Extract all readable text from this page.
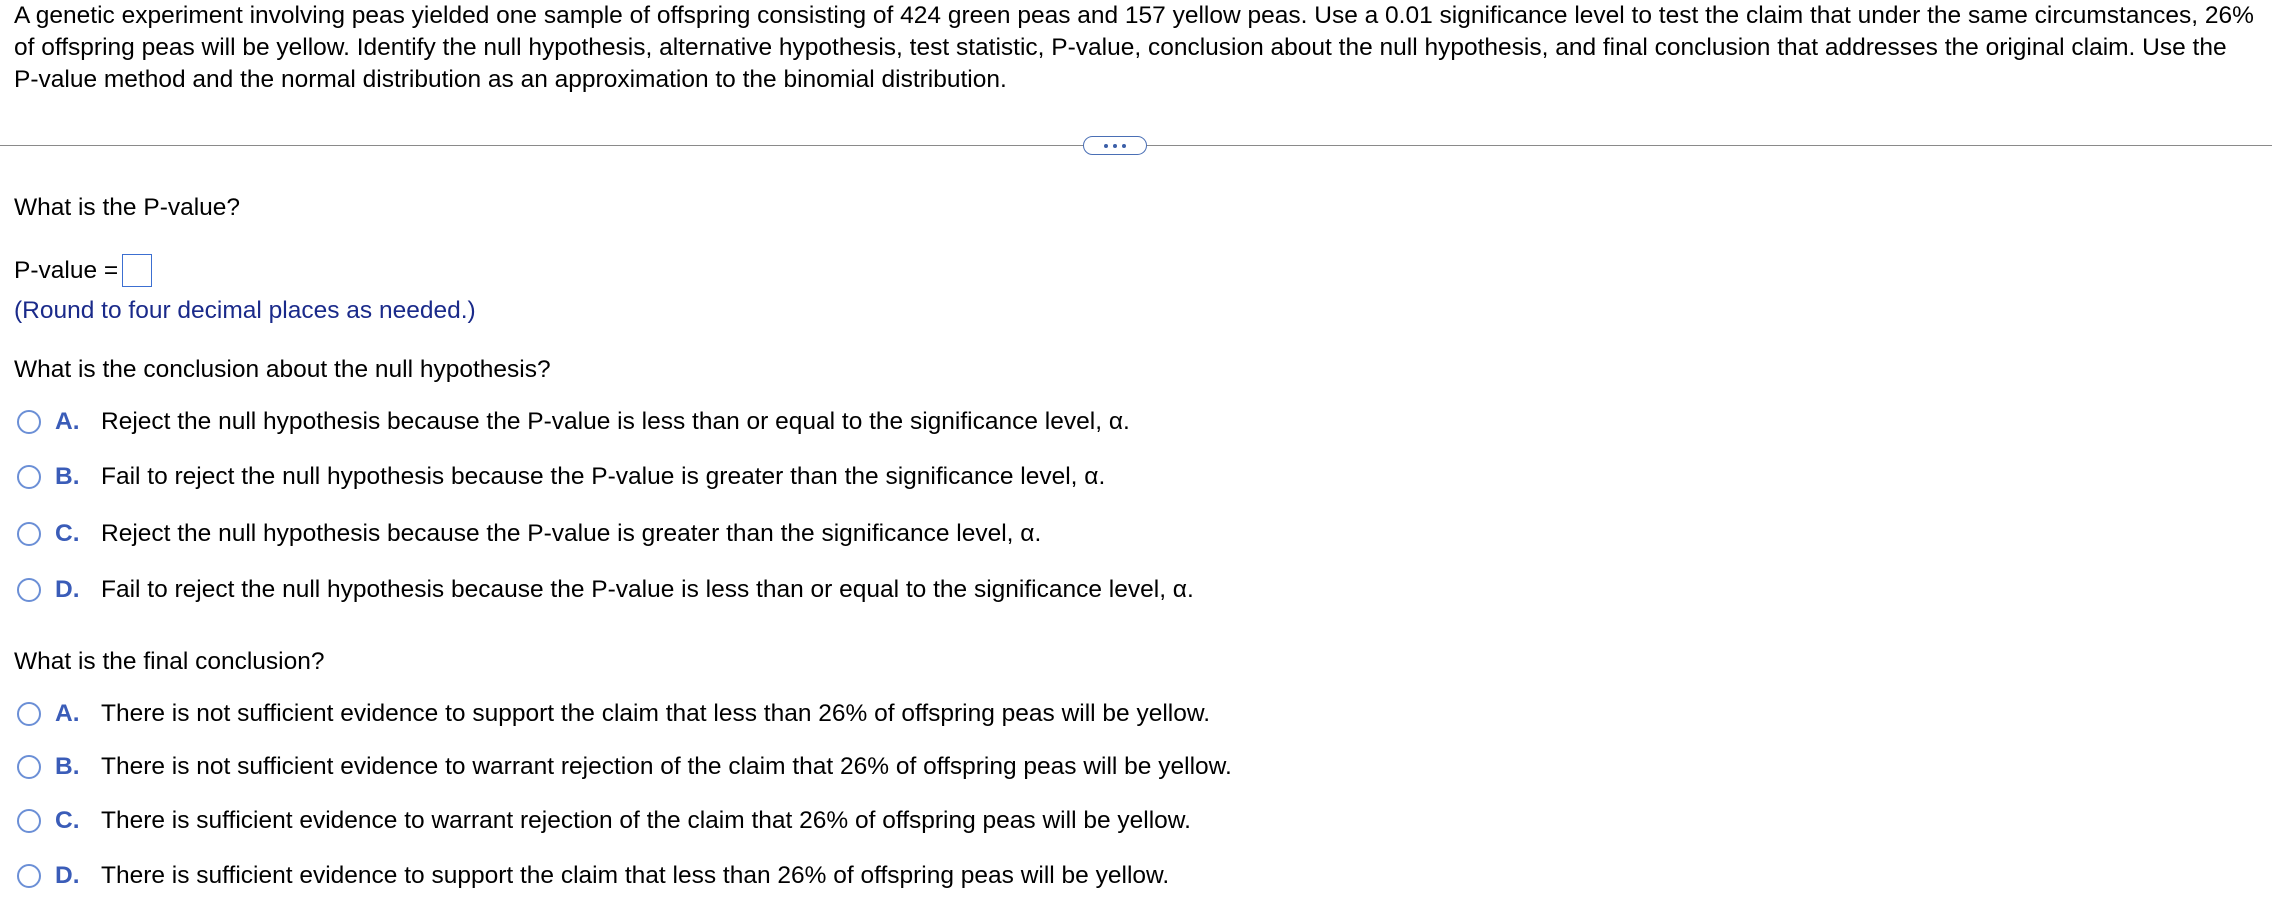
A genetic experiment involving peas yielded one sample of offspring consisting of 424 green peas and 157 yellow peas. Use a 0.01 significance level to test the claim that under the same circumstances, 26% of offspring peas will be yellow. Identify the null hypothesis, alternative hypothesis, test statistic, P-value, conclusion about the null hypothesis, and final conclusion that addresses the original claim. Use the P-value method and the normal distribution as an approximation to the binomial distribution.
What is the P-value?
P-value =
(Round to four decimal places as needed.)
What is the conclusion about the null hypothesis?
A. Reject the null hypothesis because the P-value is less than or equal to the significance level, α.
B. Fail to reject the null hypothesis because the P-value is greater than the significance level, α.
C. Reject the null hypothesis because the P-value is greater than the significance level, α.
D. Fail to reject the null hypothesis because the P-value is less than or equal to the significance level, α.
What is the final conclusion?
A. There is not sufficient evidence to support the claim that less than 26% of offspring peas will be yellow.
B. There is not sufficient evidence to warrant rejection of the claim that 26% of offspring peas will be yellow.
C. There is sufficient evidence to warrant rejection of the claim that 26% of offspring peas will be yellow.
D. There is sufficient evidence to support the claim that less than 26% of offspring peas will be yellow.
